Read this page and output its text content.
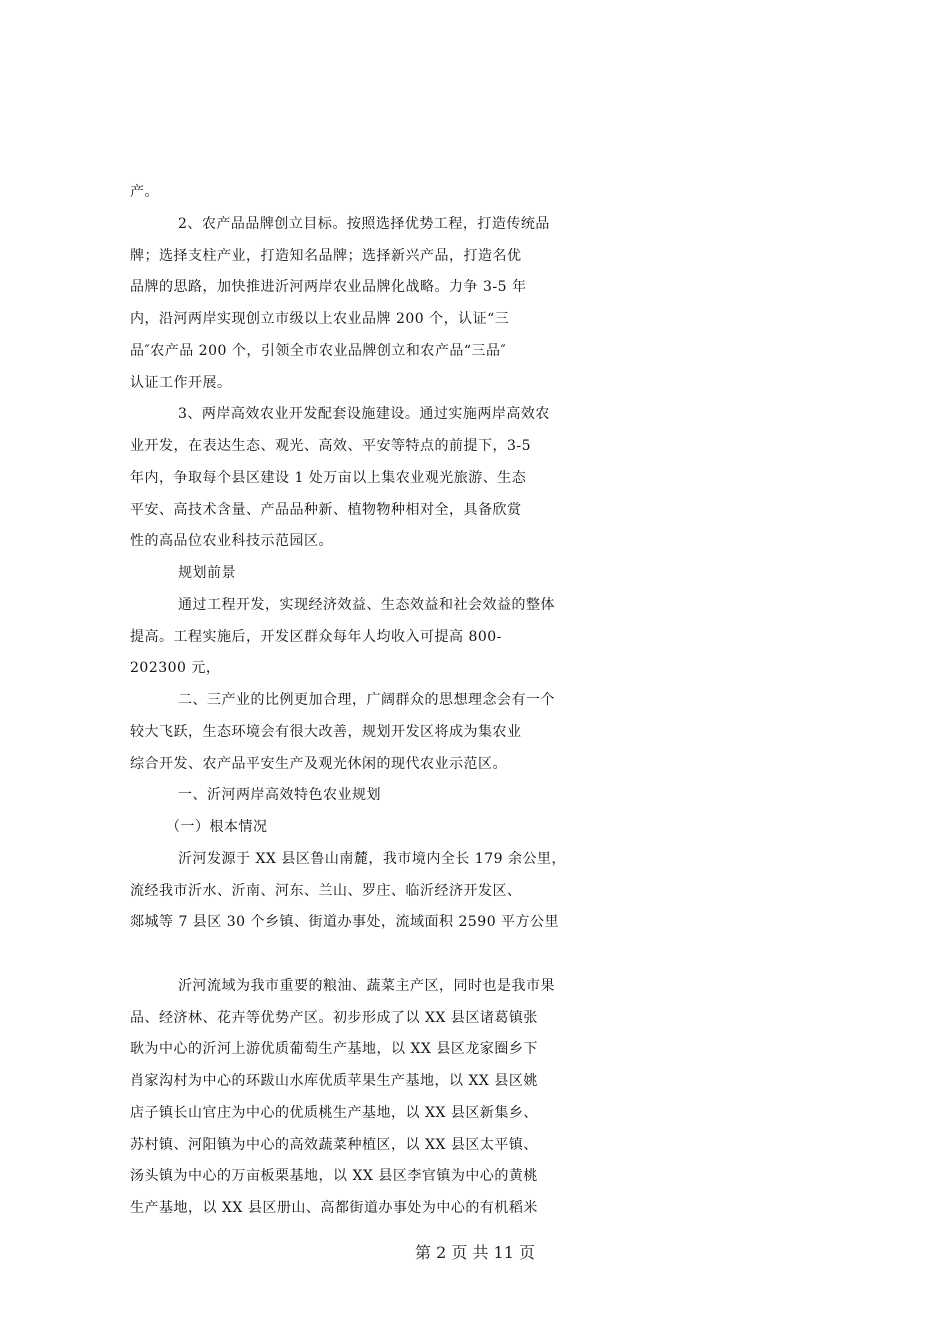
产。
2、农产品品牌创立目标。按照选择优势工程，打造传统品
牌；选择支柱产业，打造知名品牌；选择新兴产品，打造名优
品牌的思路，加快推进沂河两岸农业品牌化战略。力争 3-5 年
内，沿河两岸实现创立市级以上农业品牌 200 个，认证“三
品″农产品 200 个，引领全市农业品牌创立和农产品“三品″
认证工作开展。
3、两岸高效农业开发配套设施建设。通过实施两岸高效农
业开发，在表达生态、观光、高效、平安等特点的前提下，3-5
年内，争取每个县区建设 1 处万亩以上集农业观光旅游、生态
平安、高技术含量、产品品种新、植物物种相对全，具备欣赏
性的高品位农业科技示范园区。
规划前景
通过工程开发，实现经济效益、生态效益和社会效益的整体
提高。工程实施后，开发区群众每年人均收入可提高 800-
202300 元，
二、三产业的比例更加合理，广阔群众的思想理念会有一个
较大飞跃，生态环境会有很大改善，规划开发区将成为集农业
综合开发、农产品平安生产及观光休闲的现代农业示范区。
一、沂河两岸高效特色农业规划
（一）根本情况
沂河发源于 XX 县区鲁山南麓，我市境内全长 179 余公里，
流经我市沂水、沂南、河东、兰山、罗庄、临沂经济开发区、
郯城等 7 县区 30 个乡镇、街道办事处，流域面积 2590 平方公里
沂河流域为我市重要的粮油、蔬菜主产区，同时也是我市果
品、经济林、花卉等优势产区。初步形成了以 XX 县区诸葛镇张
耿为中心的沂河上游优质葡萄生产基地，以 XX 县区龙家圈乡下
肖家沟村为中心的环跋山水库优质苹果生产基地，以 XX 县区姚
店子镇长山官庄为中心的优质桃生产基地，以 XX 县区新集乡、
苏村镇、河阳镇为中心的高效蔬菜种植区，以 XX 县区太平镇、
汤头镇为中心的万亩板栗基地，以 XX 县区李官镇为中心的黄桃
生产基地，以 XX 县区册山、高都街道办事处为中心的有机稻米
第 2 页 共 11 页
